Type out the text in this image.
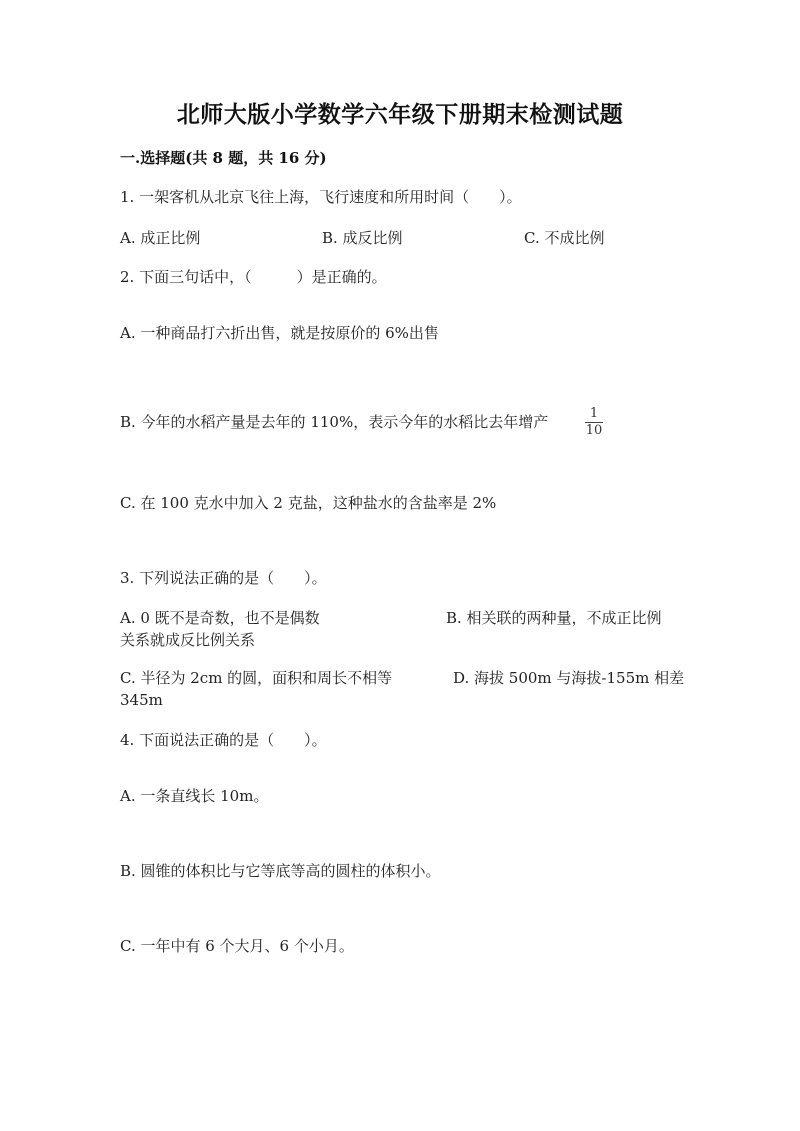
北师大版小学数学六年级下册期末检测试题
一.选择题(共 8 题，共 16 分)
1. 一架客机从北京飞往上海，飞行速度和所用时间（　　）。
A. 成正比例	B. 成反比例	C. 不成比例
2. 下面三句话中，（　　　）是正确的。
A. 一种商品打六折出售，就是按原价的 6%出售
B. 今年的水稻产量是去年的 110%，表示今年的水稻比去年增产	1
10
C. 在 100 克水中加入 2 克盐，这种盐水的含盐率是 2%
3. 下列说法正确的是（　　）。
A. 0 既不是奇数，也不是偶数	B. 相关联的两种量，不成正比例
关系就成反比例关系
C. 半径为 2cm 的圆，面积和周长不相等	D. 海拔 500m 与海拔-155m 相差
345m
4. 下面说法正确的是（　　）。
A. 一条直线长 10m。
B. 圆锥的体积比与它等底等高的圆柱的体积小。
C. 一年中有 6 个大月、6 个小月。
